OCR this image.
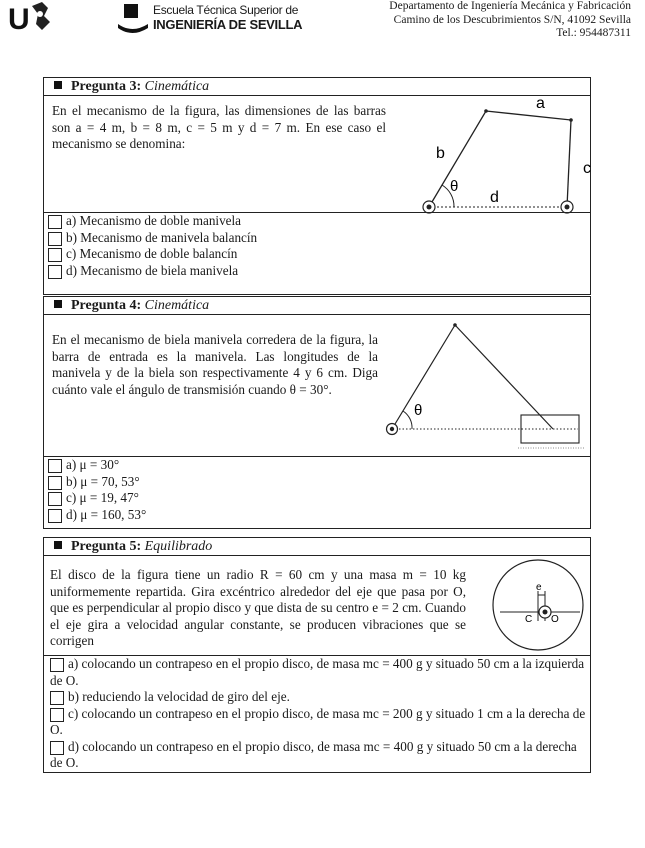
U	Escuela Técnica Superior de
INGENIERÍA DE SEVILLA
Departamento de Ingeniería Mecánica y Fabricación
Camino de los Descubrimientos S/N, 41092 Sevilla
Tel.: 954487311
Pregunta 3: Cinemática
En el mecanismo de la figura, las dimensiones de las barras son a = 4 m, b = 8 m, c = 5 m y d = 7 m. En ese caso el mecanismo se denomina:
a
b
c
d
θ
a) Mecanismo de doble manivela
b) Mecanismo de manivela balancín
c) Mecanismo de doble balancín
d) Mecanismo de biela manivela
Pregunta 4: Cinemática
En el mecanismo de biela manivela corredera de la figura, la barra de entrada es la manivela. Las longitudes de la manivela y de la biela son respectivamente 4 y 6 cm. Diga cuánto vale el ángulo de transmisión cuando θ = 30°.
θ
a) μ = 30°
b) μ = 70, 53°
c) μ = 19, 47°
d) μ = 160, 53°
Pregunta 5: Equilibrado
El disco de la figura tiene un radio R = 60 cm y una masa m = 10 kg uniformemente repartida. Gira excéntrico alrededor del eje que pasa por O, que es perpendicular al propio disco y que dista de su centro e = 2 cm. Cuando el eje gira a velocidad angular constante, se producen vibraciones que se corrigen
e
C O
a) colocando un contrapeso en el propio disco, de masa mc = 400 g y situado 50 cm a la izquierda de O.
b) reduciendo la velocidad de giro del eje.
c) colocando un contrapeso en el propio disco, de masa mc = 200 g y situado 1 cm a la derecha de O.
d) colocando un contrapeso en el propio disco, de masa mc = 400 g y situado 50 cm a la derecha de O.
